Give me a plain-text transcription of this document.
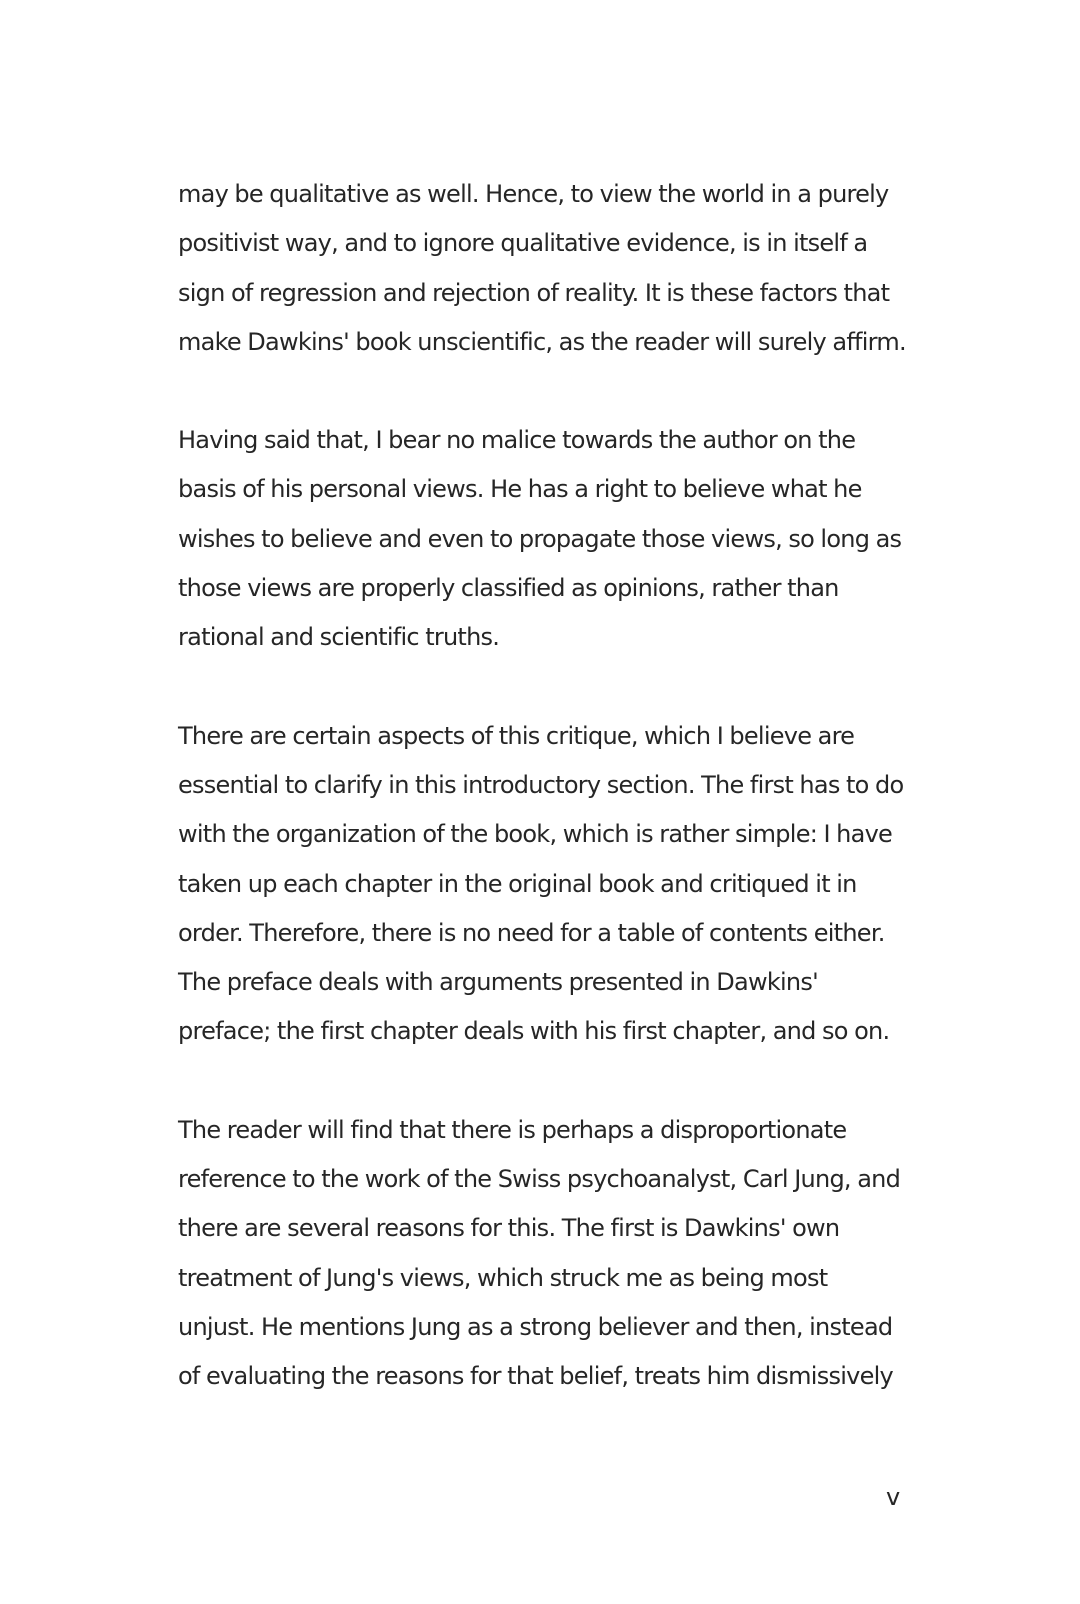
may be qualitative as well. Hence, to view the world in a purely
positivist way, and to ignore qualitative evidence, is in itself a
sign of regression and rejection of reality. It is these factors that
make Dawkins' book unscientific, as the reader will surely affirm.

Having said that, I bear no malice towards the author on the
basis of his personal views. He has a right to believe what he
wishes to believe and even to propagate those views, so long as
those views are properly classified as opinions, rather than
rational and scientific truths.

There are certain aspects of this critique, which I believe are
essential to clarify in this introductory section. The first has to do
with the organization of the book, which is rather simple: I have
taken up each chapter in the original book and critiqued it in
order. Therefore, there is no need for a table of contents either.
The preface deals with arguments presented in Dawkins'
preface; the first chapter deals with his first chapter, and so on.

The reader will find that there is perhaps a disproportionate
reference to the work of the Swiss psychoanalyst, Carl Jung, and
there are several reasons for this. The first is Dawkins' own
treatment of Jung's views, which struck me as being most
unjust. He mentions Jung as a strong believer and then, instead
of evaluating the reasons for that belief, treats him dismissively

v
